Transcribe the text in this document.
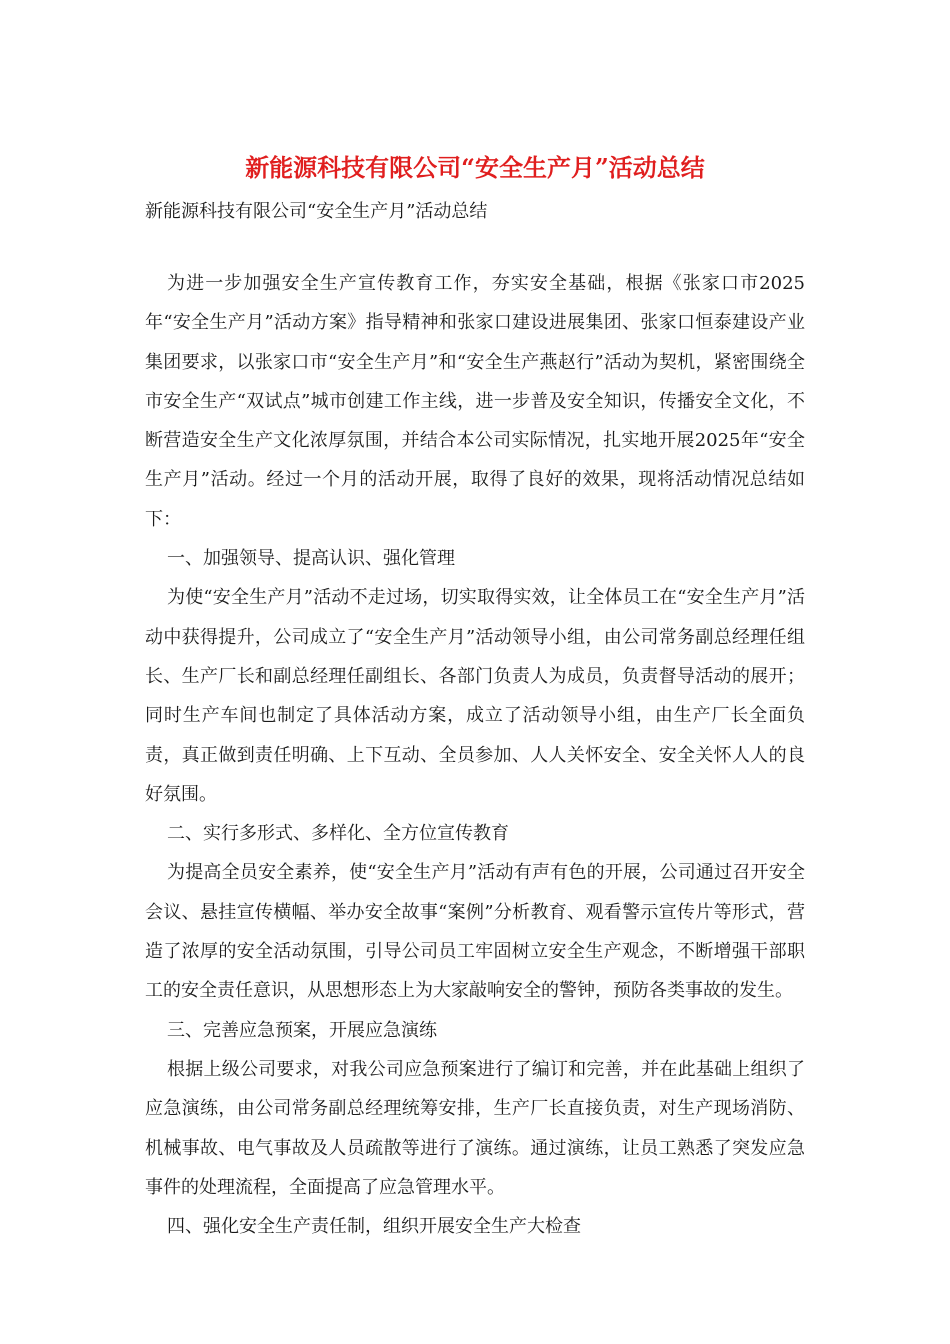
新能源科技有限公司“安全生产月”活动总结
新能源科技有限公司“安全生产月”活动总结

为进一步加强安全生产宣传教育工作，夯实安全基础，根据《张家口市2025年“安全生产月”活动方案》指导精神和张家口建设进展集团、张家口恒泰建设产业集团要求，以张家口市“安全生产月”和“安全生产燕赵行”活动为契机，紧密围绕全市安全生产“双试点”城市创建工作主线，进一步普及安全知识，传播安全文化，不断营造安全生产文化浓厚氛围，并结合本公司实际情况，扎实地开展2025年“安全生产月”活动。经过一个月的活动开展，取得了良好的效果，现将活动情况总结如下：

一、加强领导、提高认识、强化管理

为使“安全生产月”活动不走过场，切实取得实效，让全体员工在“安全生产月”活动中获得提升，公司成立了“安全生产月”活动领导小组，由公司常务副总经理任组长、生产厂长和副总经理任副组长、各部门负责人为成员，负责督导活动的展开；同时生产车间也制定了具体活动方案，成立了活动领导小组，由生产厂长全面负责，真正做到责任明确、上下互动、全员参加、人人关怀安全、安全关怀人人的良好氛围。

二、实行多形式、多样化、全方位宣传教育

为提高全员安全素养，使“安全生产月”活动有声有色的开展，公司通过召开安全会议、悬挂宣传横幅、举办安全故事“案例”分析教育、观看警示宣传片等形式，营造了浓厚的安全活动氛围，引导公司员工牢固树立安全生产观念，不断增强干部职工的安全责任意识，从思想形态上为大家敲响安全的警钟，预防各类事故的发生。

三、完善应急预案，开展应急演练

根据上级公司要求，对我公司应急预案进行了编订和完善，并在此基础上组织了应急演练，由公司常务副总经理统筹安排，生产厂长直接负责，对生产现场消防、机械事故、电气事故及人员疏散等进行了演练。通过演练，让员工熟悉了突发应急事件的处理流程，全面提高了应急管理水平。

四、强化安全生产责任制，组织开展安全生产大检查
